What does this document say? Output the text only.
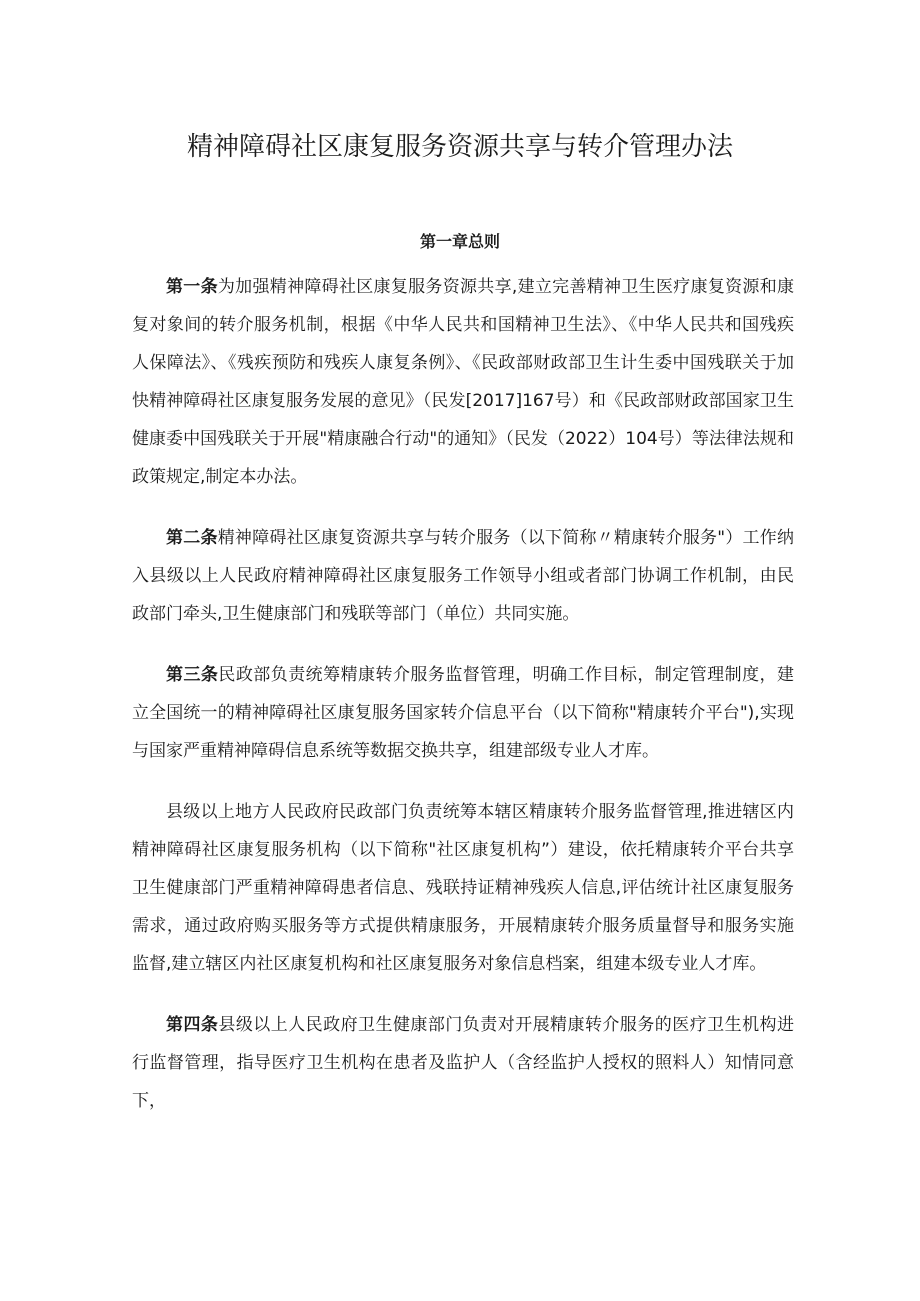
精神障碍社区康复服务资源共享与转介管理办法
第一章总则

第一条为加强精神障碍社区康复服务资源共享,建立完善精神卫生医疗康复资源和康复对象间的转介服务机制，根据《中华人民共和国精神卫生法》、《中华人民共和国残疾人保障法》、《残疾预防和残疾人康复条例》、《民政部财政部卫生计生委中国残联关于加快精神障碍社区康复服务发展的意见》（民发[2017]167号）和《民政部财政部国家卫生健康委中国残联关于开展"精康融合行动"的通知》（民发（2022）104号）等法律法规和政策规定,制定本办法。

第二条精神障碍社区康复资源共享与转介服务（以下简称〃精康转介服务"）工作纳入县级以上人民政府精神障碍社区康复服务工作领导小组或者部门协调工作机制，由民政部门牵头,卫生健康部门和残联等部门（单位）共同实施。

第三条民政部负责统筹精康转介服务监督管理，明确工作目标，制定管理制度，建立全国统一的精神障碍社区康复服务国家转介信息平台（以下简称"精康转介平台"),实现与国家严重精神障碍信息系统等数据交换共享，组建部级专业人才库。

县级以上地方人民政府民政部门负责统筹本辖区精康转介服务监督管理,推进辖区内精神障碍社区康复服务机构（以下简称"社区康复机构”）建设，依托精康转介平台共享卫生健康部门严重精神障碍患者信息、残联持证精神残疾人信息,评估统计社区康复服务需求，通过政府购买服务等方式提供精康服务，开展精康转介服务质量督导和服务实施监督,建立辖区内社区康复机构和社区康复服务对象信息档案，组建本级专业人才库。

第四条县级以上人民政府卫生健康部门负责对开展精康转介服务的医疗卫生机构进行监督管理，指导医疗卫生机构在患者及监护人（含经监护人授权的照料人）知情同意下，
